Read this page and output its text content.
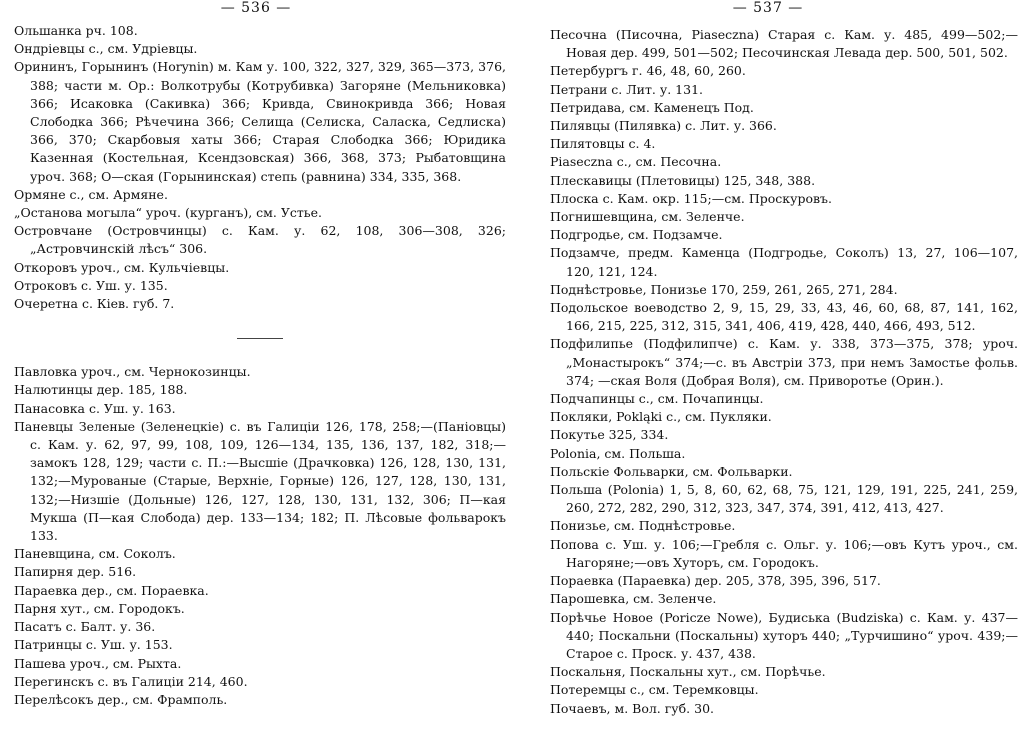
— 536 —

Ольшанка рч. 108.

Ондріевцы с., см. Удріевцы.

Орининъ, Горынинъ (Horynin) м. Кам у. 100, 322, 327, 329, 365—373, 376, 388; части м. Ор.: Волкотрубы (Котрубивка) Загоряне (Мельниковка) 366; Исаковка (Сакивка) 366; Кривда, Свинокривда 366; Новая Слободка 366; Рѣчечина 366; Селища (Селиска, Саласка, Седлиска) 366, 370; Скарбовыя хаты 366; Старая Слободка 366; Юридика Казенная (Костельная, Ксендзовская) 366, 368, 373; Рыбатовщина уроч. 368; О—ская (Горынинская) степь (равнина) 334, 335, 368.

Ормяне с., см. Армяне.

„Останова могыла“ уроч. (курганъ), см. Устье.

Островчане (Островчинцы) с. Кам. у. 62, 108, 306—308, 326; „Астровчинскій лѣсъ“ 306.

Откоровъ уроч., см. Кульчiевцы.

Отроковъ с. Уш. у. 135.

Очеретна с. Кiев. губ. 7.

Павловка уроч., см. Чернокозинцы.

Налютинцы дер. 185, 188.

Панасовка с. Уш. у. 163.

Паневцы Зеленые (Зеленецкіе) с. въ Галиціи 126, 178, 258;—(Паніовцы) с. Кам. у. 62, 97, 99, 108, 109, 126—134, 135, 136, 137, 182, 318;—замокъ 128, 129; части с. П.:—Высшіе (Драчковка) 126, 128, 130, 131, 132;—Мурованые (Старые, Верхніе, Горные) 126, 127, 128, 130, 131, 132;—Низшіе (Дольные) 126, 127, 128, 130, 131, 132, 306; П—кая Мукша (П—кая Слобода) дер. 133—134; 182; П. Лѣсовые фольварокъ 133.

Паневщина, см. Соколъ.

Папирня дер. 516.

Параевка дер., см. Пораевка.

Парня хут., см. Городокъ.

Пасатъ с. Балт. у. 36.

Патринцы с. Уш. у. 153.

Пашева уроч., см. Рыхта.

Перегинскъ с. въ Галиціи 214, 460.

Перелѣсокъ дер., см. Фрамполь.

— 537 —

Песочна (Писочна, Piaseczna) Старая с. Кам. у. 485, 499—502;—Новая дер. 499, 501—502; Песочинская Левада дер. 500, 501, 502.

Петербургъ г. 46, 48, 60, 260.

Петрани с. Лит. у. 131.

Петридава, см. Каменецъ Под.

Пилявцы (Пилявка) с. Лит. у. 366.

Пилятовцы с. 4.

Piaseczna с., см. Песочна.

Плескавицы (Плетовицы) 125, 348, 388.

Плоска с. Кам. окр. 115;—см. Проскуровъ.

Погнишевщина, см. Зеленче.

Подгродье, см. Подзамче.

Подзамче, предм. Каменца (Подгродье, Соколъ) 13, 27, 106—107, 120, 121, 124.

Поднѣстровье, Понизье 170, 259, 261, 265, 271, 284.

Подольское воеводство 2, 9, 15, 29, 33, 43, 46, 60, 68, 87, 141, 162, 166, 215, 225, 312, 315, 341, 406, 419, 428, 440, 466, 493, 512.

Подфилипье (Подфилипче) с. Кам. у. 338, 373—375, 378; уроч. „Монастырокъ“ 374;—с. въ Австріи 373, при немъ Замостье фольв. 374; —ская Воля (Добрая Воля), см. Приворотье (Орин.).

Подчапинцы с., см. Почапинцы.

Покляки, Pokląki с., см. Пукляки.

Покутье 325, 334.

Polonia, см. Польша.

Польскіе Фольварки, см. Фольварки.

Польша (Polonia) 1, 5, 8, 60, 62, 68, 75, 121, 129, 191, 225, 241, 259, 260, 272, 282, 290, 312, 323, 347, 374, 391, 412, 413, 427.

Понизье, см. Поднѣстровье.

Попова с. Уш. у. 106;—Гребля с. Ольг. у. 106;—овъ Кутъ уроч., см. Нагоряне;—овъ Хуторъ, см. Городокъ.

Пораевка (Параевка) дер. 205, 378, 395, 396, 517.

Парошевка, см. Зеленче.

Порѣчье Новое (Poricze Nowe), Будиська (Budziska) с. Кам. у. 437—440; Поскальни (Поскальны) хуторъ 440; „Турчишино“ уроч. 439;—Старое с. Проск. у. 437, 438.

Поскальня, Поскальны хут., см. Порѣчье.

Потеремцы с., см. Теремковцы.

Почаевъ, м. Вол. губ. 30.
